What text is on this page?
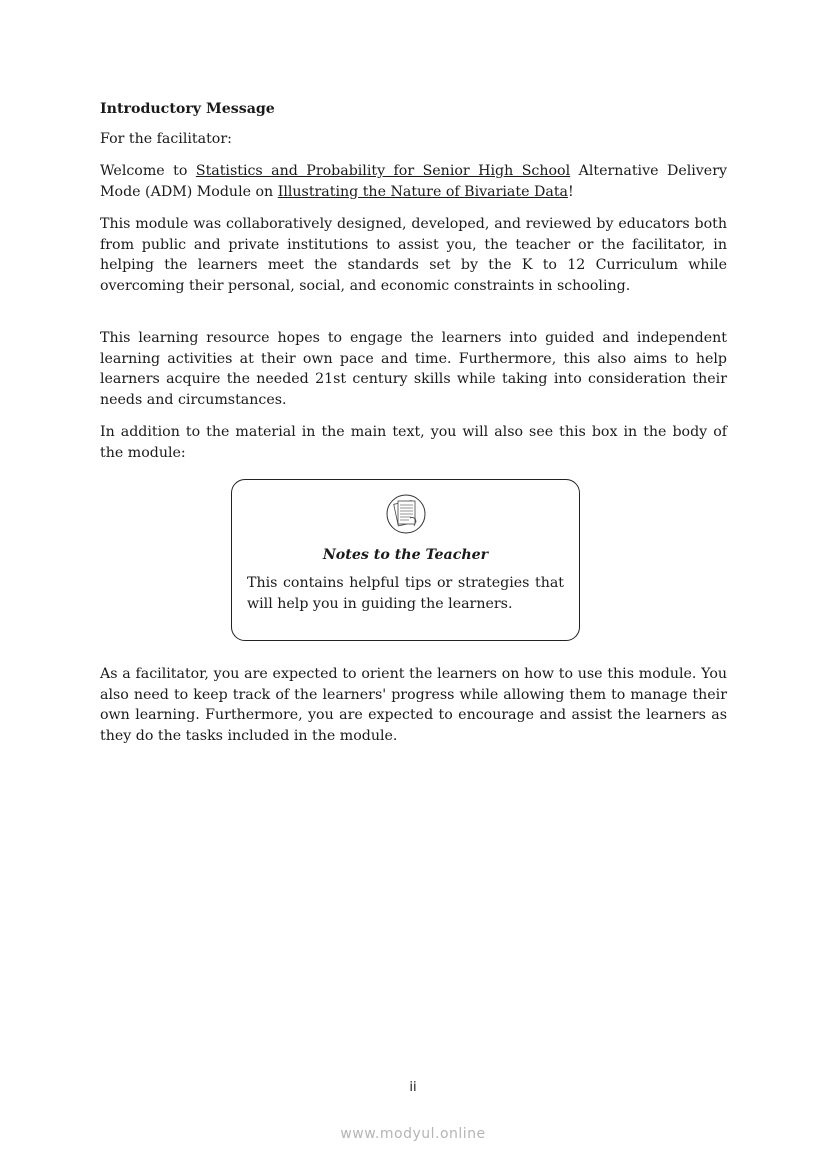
Introductory Message
For the facilitator:
Welcome to Statistics and Probability for Senior High School Alternative Delivery Mode (ADM) Module on Illustrating the Nature of Bivariate Data!
This module was collaboratively designed, developed, and reviewed by educators both from public and private institutions to assist you, the teacher or the facilitator, in helping the learners meet the standards set by the K to 12 Curriculum while overcoming their personal, social, and economic constraints in schooling.
This learning resource hopes to engage the learners into guided and independent learning activities at their own pace and time. Furthermore, this also aims to help learners acquire the needed 21st century skills while taking into consideration their needs and circumstances.
In addition to the material in the main text, you will also see this box in the body of the module:
Notes to the Teacher
This contains helpful tips or strategies that will help you in guiding the learners.
As a facilitator, you are expected to orient the learners on how to use this module. You also need to keep track of the learners' progress while allowing them to manage their own learning. Furthermore, you are expected to encourage and assist the learners as they do the tasks included in the module.
ii
www.modyul.online
